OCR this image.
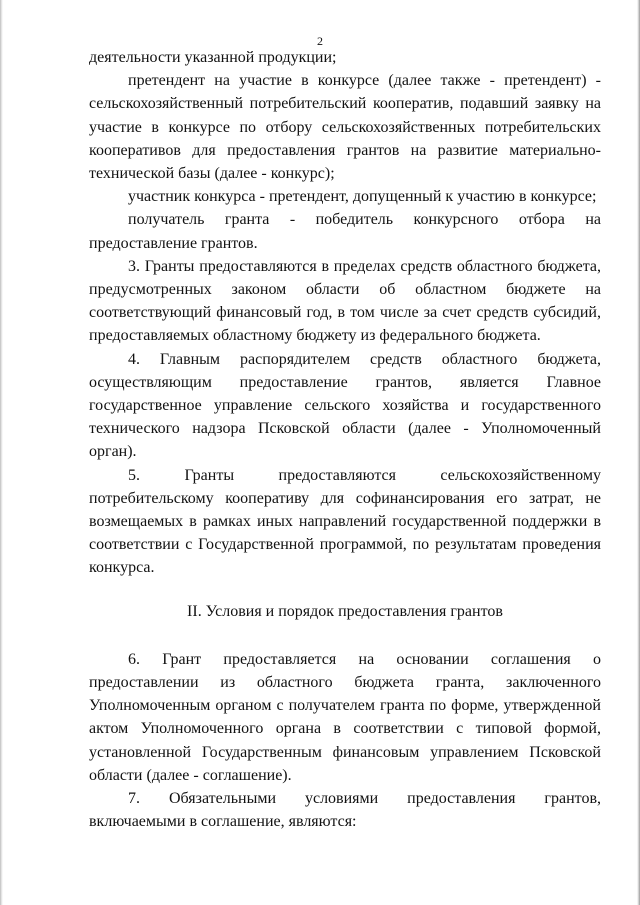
2

деятельности указанной продукции;

претендент на участие в конкурсе (далее также - претендент) - сельскохозяйственный потребительский кооператив, подавший заявку на участие в конкурсе по отбору сельскохозяйственных потребительских кооперативов для предоставления грантов на развитие материально-технической базы (далее - конкурс);

участник конкурса - претендент, допущенный к участию в конкурсе;

получатель гранта - победитель конкурсного отбора на предоставление грантов.

3. Гранты предоставляются в пределах средств областного бюджета, предусмотренных законом области об областном бюджете на соответствующий финансовый год, в том числе за счет средств субсидий, предоставляемых областному бюджету из федерального бюджета.

4. Главным распорядителем средств областного бюджета, осуществляющим предоставление грантов, является Главное государственное управление сельского хозяйства и государственного технического надзора Псковской области (далее - Уполномоченный орган).

5. Гранты предоставляются сельскохозяйственному потребительскому кооперативу для софинансирования его затрат, не возмещаемых в рамках иных направлений государственной поддержки в соответствии с Государственной программой, по результатам проведения конкурса.

II. Условия и порядок предоставления грантов

6. Грант предоставляется на основании соглашения о предоставлении из областного бюджета гранта, заключенного Уполномоченным органом с получателем гранта по форме, утвержденной актом Уполномоченного органа в соответствии с типовой формой, установленной Государственным финансовым управлением Псковской области (далее - соглашение).

7. Обязательными условиями предоставления грантов, включаемыми в соглашение, являются:
